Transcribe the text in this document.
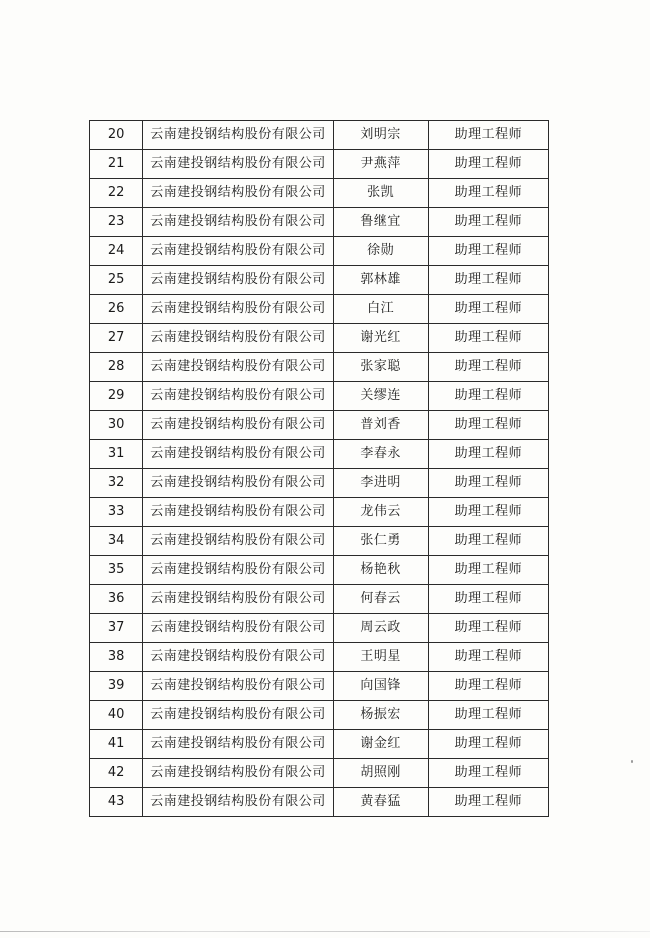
20	云南建投钢结构股份有限公司	刘明宗	助理工程师
21	云南建投钢结构股份有限公司	尹燕萍	助理工程师
22	云南建投钢结构股份有限公司	张凯	助理工程师
23	云南建投钢结构股份有限公司	鲁继宜	助理工程师
24	云南建投钢结构股份有限公司	徐勋	助理工程师
25	云南建投钢结构股份有限公司	郭林雄	助理工程师
26	云南建投钢结构股份有限公司	白江	助理工程师
27	云南建投钢结构股份有限公司	谢光红	助理工程师
28	云南建投钢结构股份有限公司	张家聪	助理工程师
29	云南建投钢结构股份有限公司	关缪连	助理工程师
30	云南建投钢结构股份有限公司	普刘香	助理工程师
31	云南建投钢结构股份有限公司	李春永	助理工程师
32	云南建投钢结构股份有限公司	李进明	助理工程师
33	云南建投钢结构股份有限公司	龙伟云	助理工程师
34	云南建投钢结构股份有限公司	张仁勇	助理工程师
35	云南建投钢结构股份有限公司	杨艳秋	助理工程师
36	云南建投钢结构股份有限公司	何春云	助理工程师
37	云南建投钢结构股份有限公司	周云政	助理工程师
38	云南建投钢结构股份有限公司	王明星	助理工程师
39	云南建投钢结构股份有限公司	向国锋	助理工程师
40	云南建投钢结构股份有限公司	杨振宏	助理工程师
41	云南建投钢结构股份有限公司	谢金红	助理工程师
42	云南建投钢结构股份有限公司	胡照刚	助理工程师
43	云南建投钢结构股份有限公司	黄春猛	助理工程师
